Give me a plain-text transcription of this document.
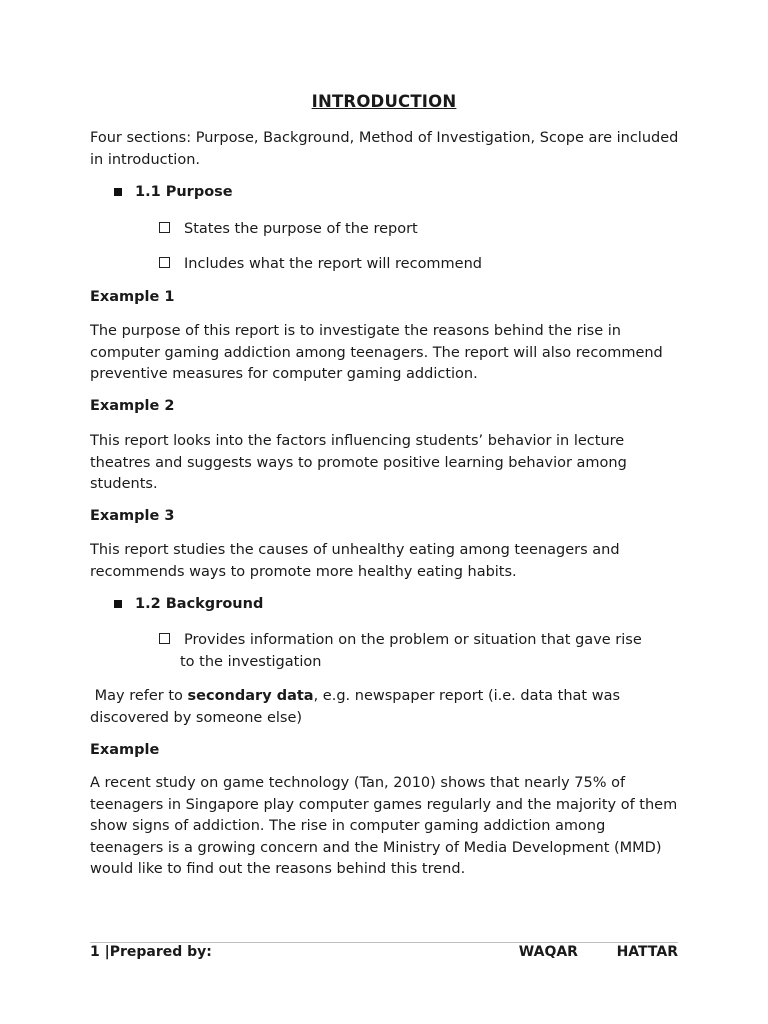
INTRODUCTION
Four sections: Purpose, Background, Method of Investigation, Scope are included in introduction.
1.1 Purpose
States the purpose of the report
Includes what the report will recommend
Example 1
The purpose of this report is to investigate the reasons behind the rise in computer gaming addiction among teenagers. The report will also recommend preventive measures for computer gaming addiction.
Example 2
This report looks into the factors influencing students’ behavior in lecture theatres and suggests ways to promote positive learning behavior among students.
Example 3
This report studies the causes of unhealthy eating among teenagers and recommends ways to promote more healthy eating habits.
1.2 Background
Provides information on the problem or situation that gave rise
to the investigation
May refer to secondary data, e.g. newspaper report (i.e. data that was discovered by someone else)
Example
A recent study on game technology (Tan, 2010) shows that nearly 75% of teenagers in Singapore play computer games regularly and the majority of them show signs of addiction. The rise in computer gaming addiction among teenagers is a growing concern and the Ministry of Media Development (MMD) would like to find out the reasons behind this trend.
1 |Prepared by:	WAQAR   HATTAR
